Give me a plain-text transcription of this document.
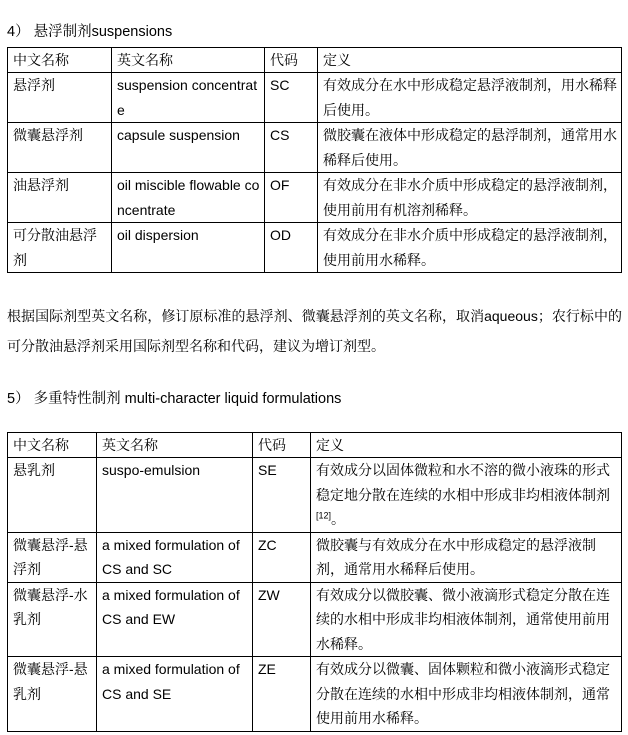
4） 悬浮制剂suspensions

中文名称	英文名称	代码	定义
悬浮剂	suspension concentrate	SC	有效成分在水中形成稳定悬浮液制剂，用水稀释后使用。
微囊悬浮剂	capsule suspension	CS	微胶囊在液体中形成稳定的悬浮制剂，通常用水稀释后使用。
油悬浮剂	oil miscible flowable concentrate	OF	有效成分在非水介质中形成稳定的悬浮液制剂，使用前用有机溶剂稀释。
可分散油悬浮剂	oil dispersion	OD	有效成分在非水介质中形成稳定的悬浮液制剂，使用前用水稀释。

根据国际剂型英文名称，修订原标准的悬浮剂、微囊悬浮剂的英文名称，取消aqueous；农行标中的可分散油悬浮剂采用国际剂型名称和代码，建议为增订剂型。

5） 多重特性制剂 multi-character liquid formulations

中文名称	英文名称	代码	定义
悬乳剂	suspo-emulsion	SE	有效成分以固体微粒和水不溶的微小液珠的形式稳定地分散在连续的水相中形成非均相液体制剂[12]。
微囊悬浮-悬浮剂	a mixed formulation of CS and SC	ZC	微胶囊与有效成分在水中形成稳定的悬浮液制剂，通常用水稀释后使用。
微囊悬浮-水乳剂	a mixed formulation of CS and EW	ZW	有效成分以微胶囊、微小液滴形式稳定分散在连续的水相中形成非均相液体制剂，通常使用前用水稀释。
微囊悬浮-悬乳剂	a mixed formulation of CS and SE	ZE	有效成分以微囊、固体颗粒和微小液滴形式稳定分散在连续的水相中形成非均相液体制剂，通常使用前用水稀释。
